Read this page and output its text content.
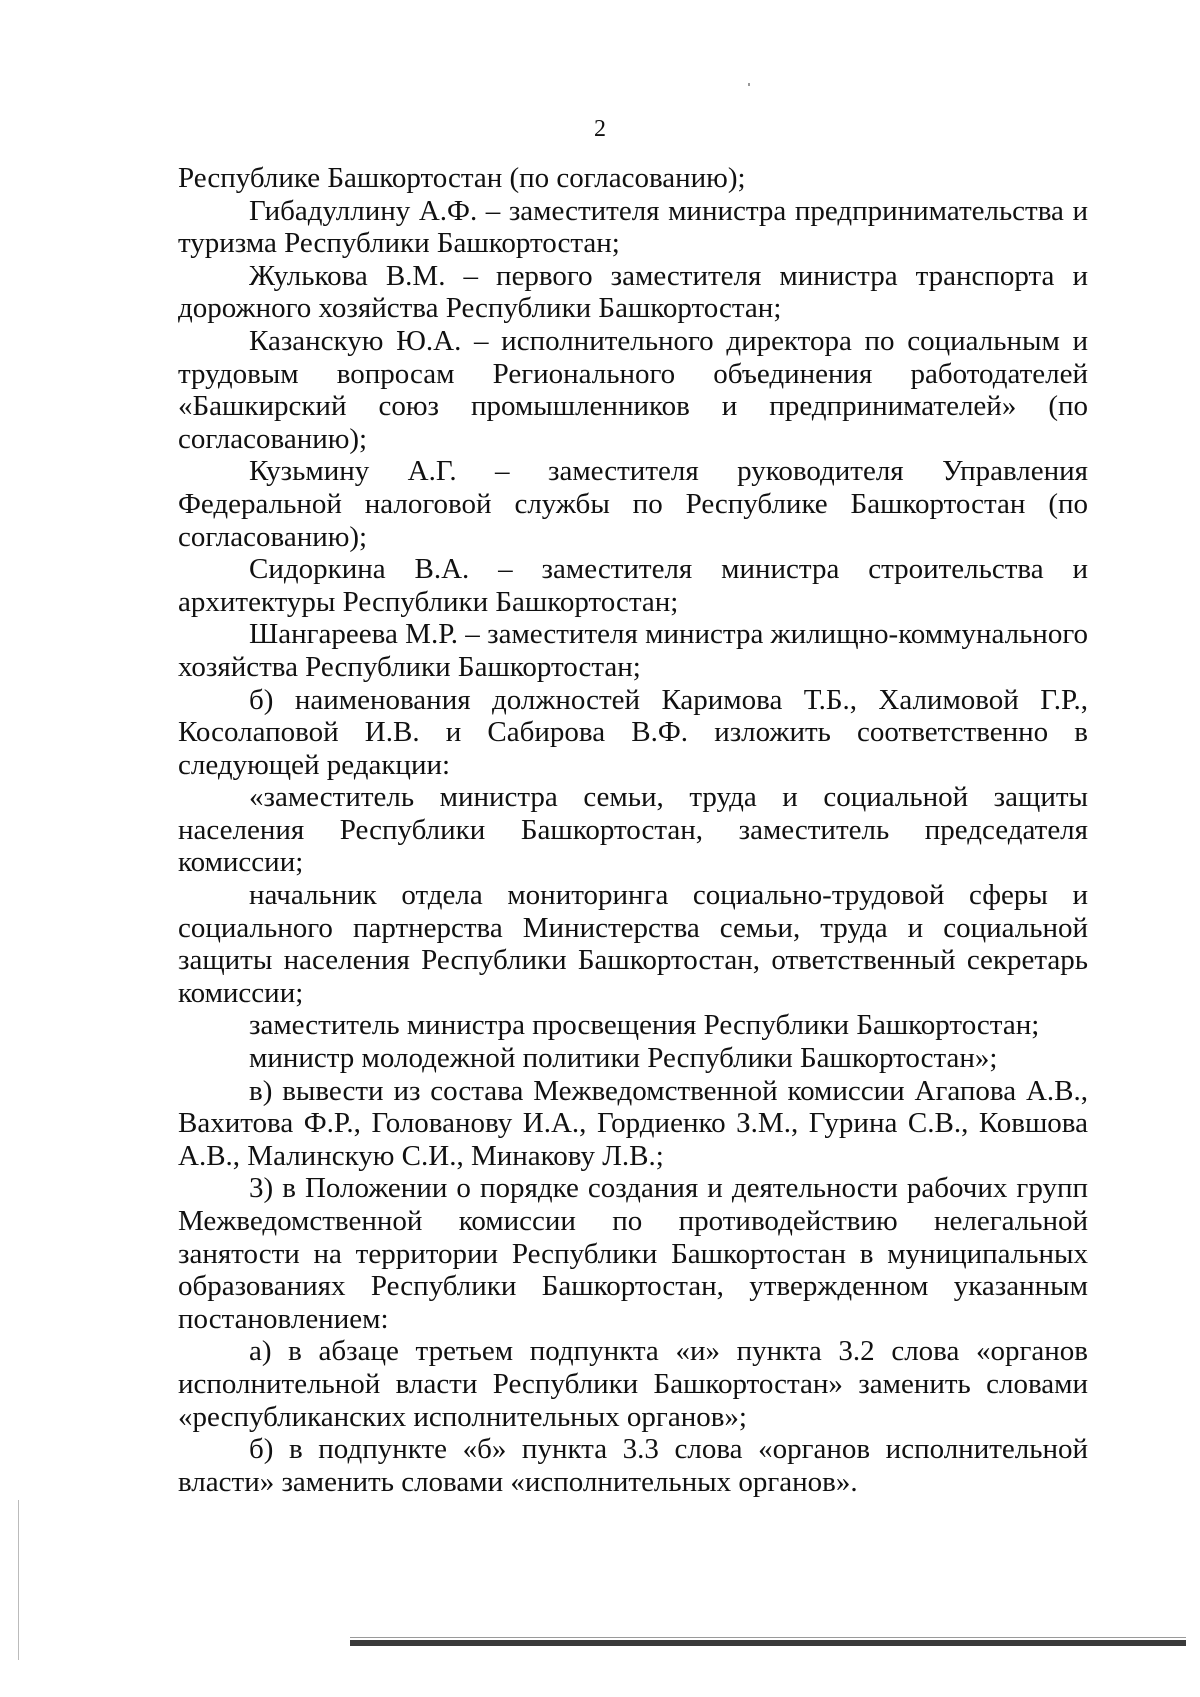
2

Республике Башкортостан (по согласованию);

Гибадуллину А.Ф. – заместителя министра предпринимательства и туризма Республики Башкортостан;

Жулькова В.М. – первого заместителя министра транспорта и дорожного хозяйства Республики Башкортостан;

Казанскую Ю.А. – исполнительного директора по социальным и трудовым вопросам Регионального объединения работодателей «Башкирский союз промышленников и предпринимателей» (по согласованию);

Кузьмину А.Г. – заместителя руководителя Управления Федеральной налоговой службы по Республике Башкортостан (по согласованию);

Сидоркина В.А. – заместителя министра строительства и архитектуры Республики Башкортостан;

Шангареева М.Р. – заместителя министра жилищно-коммунального хозяйства Республики Башкортостан;

б) наименования должностей Каримова Т.Б., Халимовой Г.Р., Косолаповой И.В. и Сабирова В.Ф. изложить соответственно в следующей редакции:

«заместитель министра семьи, труда и социальной защиты населения Республики Башкортостан, заместитель председателя комиссии;

начальник отдела мониторинга социально-трудовой сферы и социального партнерства Министерства семьи, труда и социальной защиты населения Республики Башкортостан, ответственный секретарь комиссии;

заместитель министра просвещения Республики Башкортостан;

министр молодежной политики Республики Башкортостан»;

в) вывести из состава Межведомственной комиссии Агапова А.В., Вахитова Ф.Р., Голованову И.А., Гордиенко З.М., Гурина С.В., Ковшова А.В., Малинскую С.И., Минакову Л.В.;

3) в Положении о порядке создания и деятельности рабочих групп Межведомственной комиссии по противодействию нелегальной занятости на территории Республики Башкортостан в муниципальных образованиях Республики Башкортостан, утвержденном указанным постановлением:

а) в абзаце третьем подпункта «и» пункта 3.2 слова «органов исполнительной власти Республики Башкортостан» заменить словами «республиканских исполнительных органов»;

б) в подпункте «б» пункта 3.3 слова «органов исполнительной власти» заменить словами «исполнительных органов».
